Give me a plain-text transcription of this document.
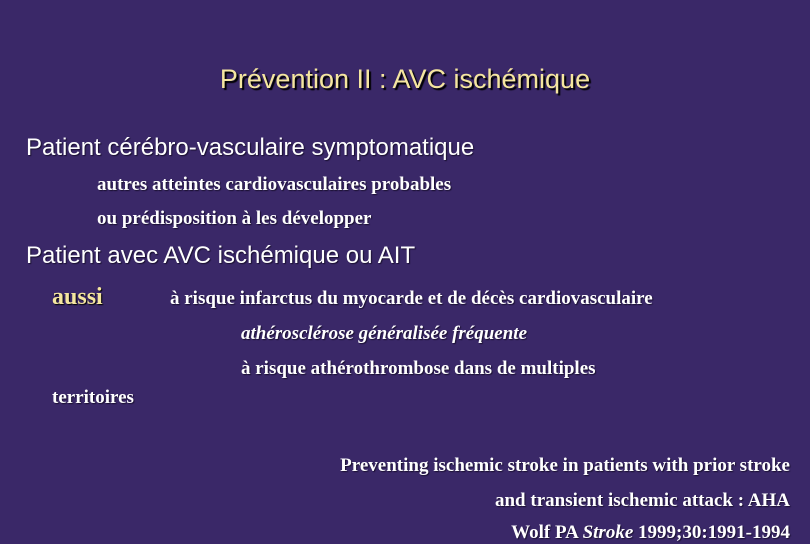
Prévention II : AVC ischémique
Patient cérébro-vasculaire symptomatique
autres atteintes cardiovasculaires probables
ou prédisposition à les développer
Patient avec AVC ischémique ou AIT
aussi	à risque infarctus du myocarde et de décès cardiovasculaire
athérosclérose généralisée fréquente
à risque athérothrombose dans de multiples
territoires
Preventing ischemic stroke in patients with prior stroke
and transient ischemic attack : AHA
Wolf PA Stroke 1999;30:1991-1994
